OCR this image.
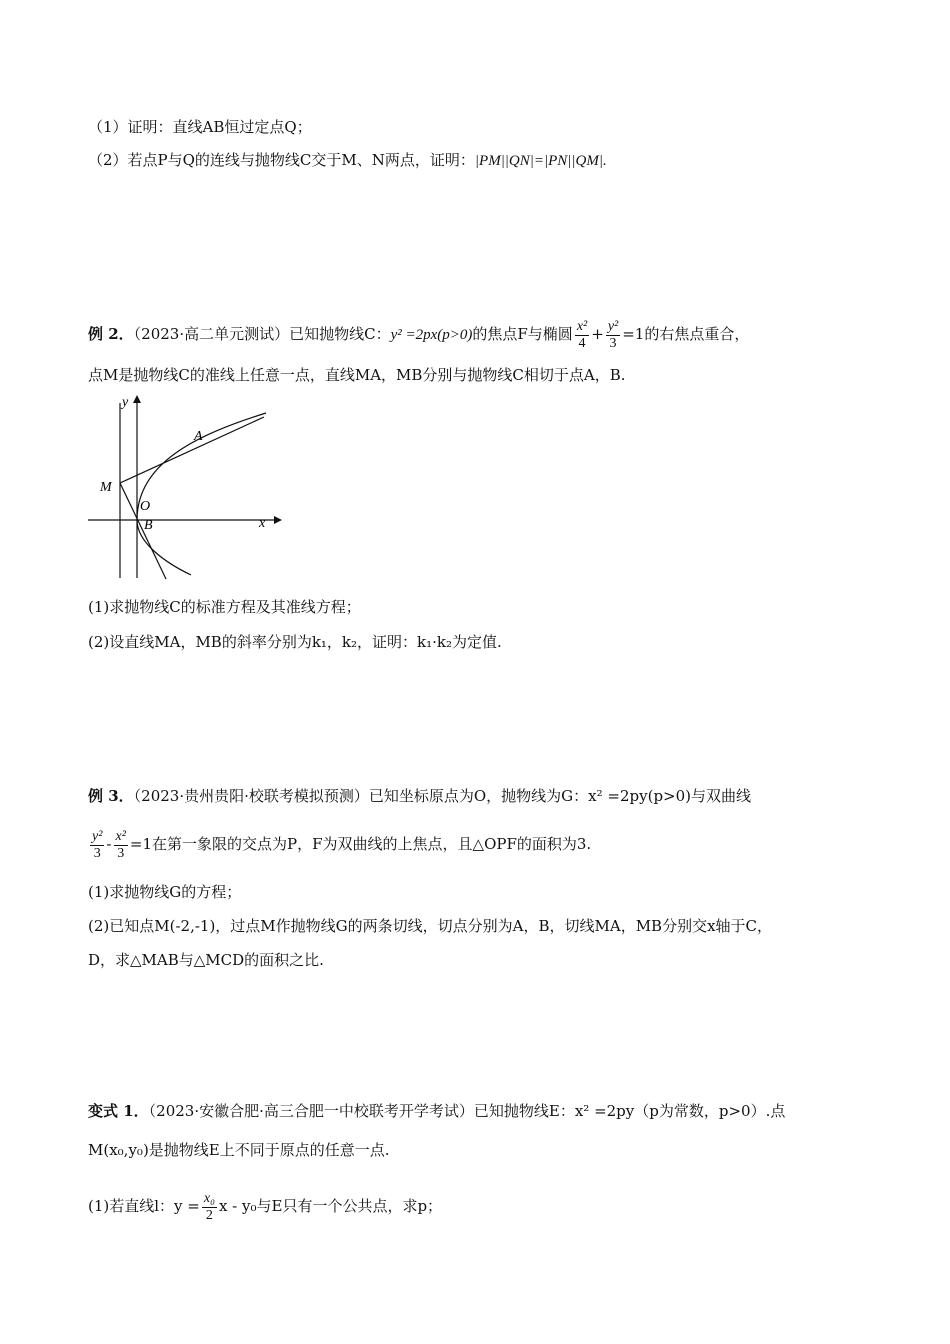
（1）证明：直线AB恒过定点Q；
（2）若点P与Q的连线与抛物线C交于M、N两点，证明：|PM||QN|=|PN||QM|.
例 2．（2023·高二单元测试）已知抛物线C：y² =2px(p>0)的焦点F与椭圆 $\frac{\text{x²}}{4} + \frac{\text{y²}}{3} =1$的右焦点重合，
点M是抛物线C的准线上任意一点，直线MA，MB分别与抛物线C相切于点A，B.
y
x
A
M
O
B
(1)求抛物线C的标准方程及其准线方程；
(2)设直线MA，MB的斜率分别为k₁，k₂，证明：k₁·k₂为定值.
例 3．（2023·贵州贵阳·校联考模拟预测）已知坐标原点为O，抛物线为G：x² =2py(p>0)与双曲线
$\frac{\text{y²}}{3} - \frac{\text{x²}}{3} =1$在第一象限的交点为P，F为双曲线的上焦点，且△OPF的面积为3.
(1)求抛物线G的方程；
(2)已知点M(-2,-1)，过点M作抛物线G的两条切线，切点分别为A，B，切线MA，MB分别交x轴于C，
D，求△MAB与△MCD的面积之比.
变式 1．（2023·安徽合肥·高三合肥一中校联考开学考试）已知抛物线E：x² =2py（p为常数，p>0）.点
M(x₀,y₀)是抛物线E上不同于原点的任意一点.
(1)若直线l：$y = \frac{\text{x₀}}{2}$ x - y₀与E只有一个公共点，求p；
